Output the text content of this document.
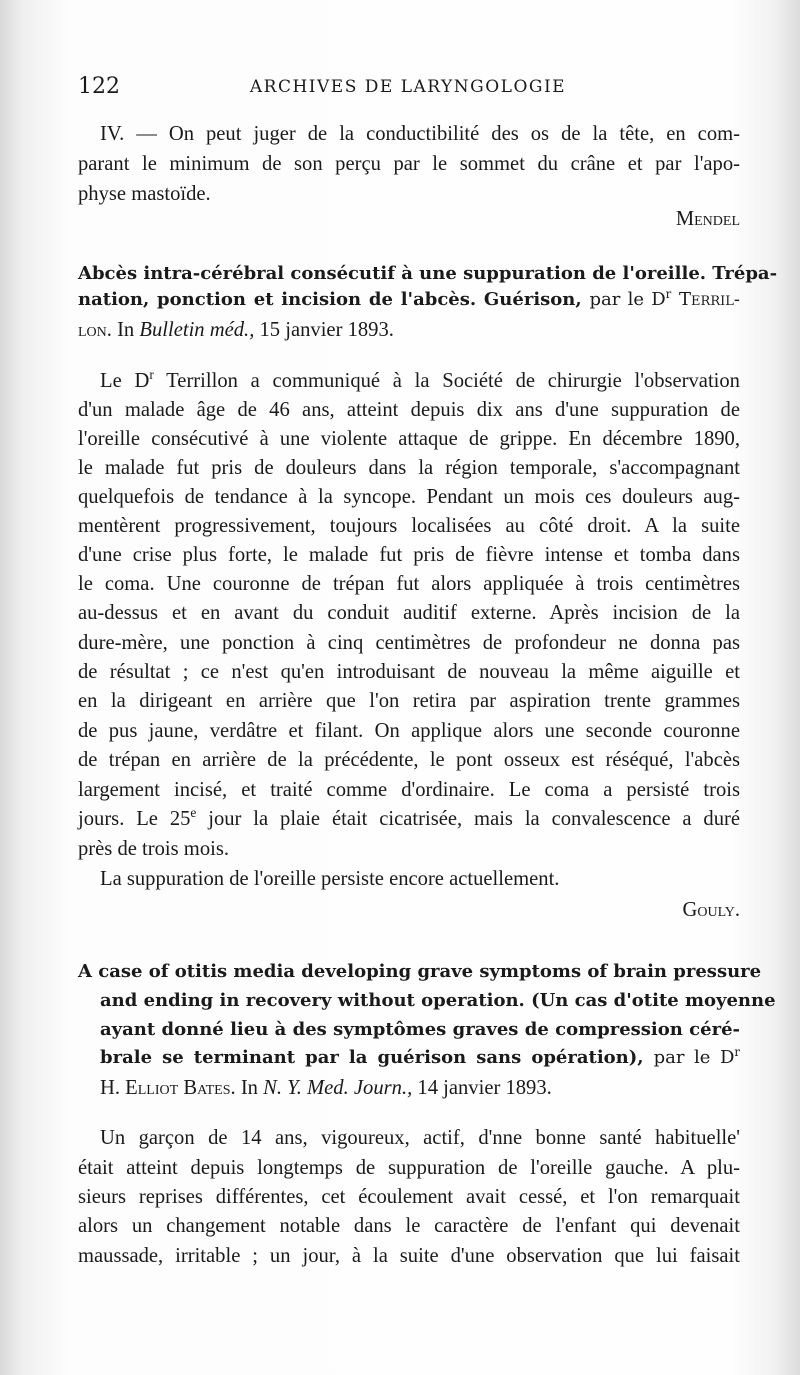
122	ARCHIVES DE LARYNGOLOGIE
IV. — On peut juger de la conductibilité des os de la tête, en com-
parant le minimum de son perçu par le sommet du crâne et par l'apo-
physe mastoïde.
Mendel
Abcès intra-cérébral consécutif à une suppuration de l'oreille. Trépa-
nation, ponction et incision de l'abcès. Guérison, par le $D^r$ Terril-
lon. In Bulletin méd., 15 janvier 1893.
Le $D^r$ Terrillon a communiqué à la Société de chirurgie l'observation
d'un malade âge de 46 ans, atteint depuis dix ans d'une suppuration de
l'oreille consécutivé à une violente attaque de grippe. En décembre 1890,
le malade fut pris de douleurs dans la région temporale, s'accompagnant
quelquefois de tendance à la syncope. Pendant un mois ces douleurs aug-
mentèrent progressivement, toujours localisées au côté droit. A la suite
d'une crise plus forte, le malade fut pris de fièvre intense et tomba dans
le coma. Une couronne de trépan fut alors appliquée à trois centimètres
au-dessus et en avant du conduit auditif externe. Après incision de la
dure-mère, une ponction à cinq centimètres de profondeur ne donna pas
de résultat ; ce n'est qu'en introduisant de nouveau la même aiguille et
en la dirigeant en arrière que l'on retira par aspiration trente grammes
de pus jaune, verdâtre et filant. On applique alors une seconde couronne
de trépan en arrière de la précédente, le pont osseux est réséqué, l'abcès
largement incisé, et traité comme d'ordinaire. Le coma a persisté trois
jours. Le 25e jour la plaie était cicatrisée, mais la convalescence a duré
près de trois mois.
La suppuration de l'oreille persiste encore actuellement.
Gouly.
A case of otitis media developing grave symptoms of brain pressure
and ending in recovery without operation. (Un cas d'otite moyenne
ayant donné lieu à des symptômes graves de compression céré-
brale se terminant par la guérison sans opération), par le $D^r$
H. Elliot Bates. In N. Y. Med. Journ., 14 janvier 1893.
Un garçon de 14 ans, vigoureux, actif, d'nne bonne santé habituelle'
était atteint depuis longtemps de suppuration de l'oreille gauche. A plu-
sieurs reprises différentes, cet écoulement avait cessé, et l'on remarquait
alors un changement notable dans le caractère de l'enfant qui devenait
maussade, irritable ; un jour, à la suite d'une observation que lui faisait
